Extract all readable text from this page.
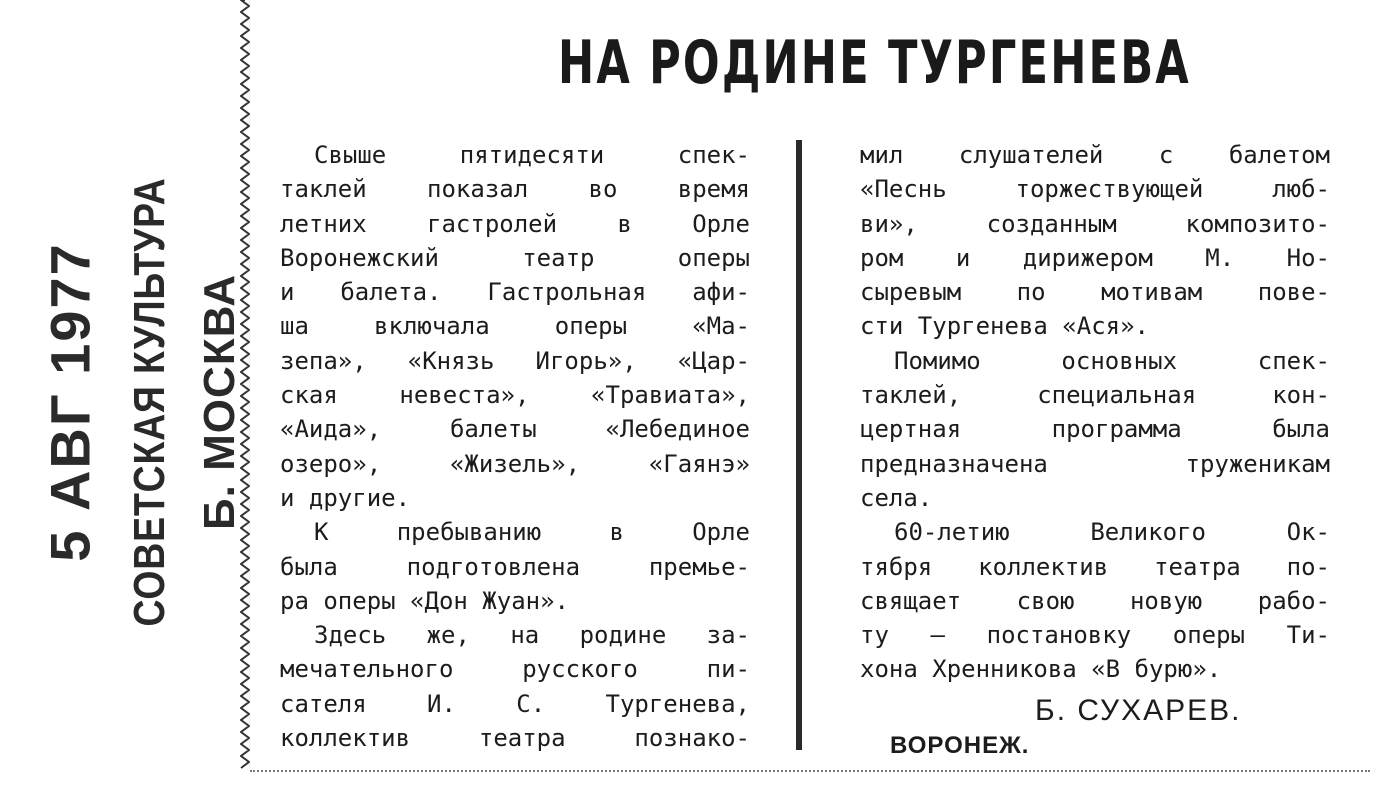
5 АВГ 1977 СОВЕТСКАЯ КУЛЬТУРА Б. МОСКВА
НА РОДИНЕ ТУРГЕНЕВА
Свыше пятидесяти спек-
таклей показал во время
летних гастролей в Орле
Воронежский театр оперы
и балета. Гастрольная афи-
ша включала оперы «Ма-
зепа», «Князь Игорь», «Цар-
ская невеста», «Травиата»,
«Аида», балеты «Лебединое
озеро», «Жизель», «Гаянэ»
и другие.
К пребыванию в Орле
была подготовлена премье-
ра оперы «Дон Жуан».
Здесь же, на родине за-
мечательного русского пи-
сателя И. С. Тургенева,
коллектив театра познако-
мил слушателей с балетом
«Песнь торжествующей люб-
ви», созданным композито-
ром и дирижером М. Но-
сыревым по мотивам пове-
сти Тургенева «Ася».
Помимо основных спек-
таклей, специальная кон-
цертная программа была
предназначена труженикам
села.
60-летию Великого Ок-
тября коллектив театра по-
свящает свою новую рабо-
ту — постановку оперы Ти-
хона Хренникова «В бурю».
Б. СУХАРЕВ.
ВОРОНЕЖ.
